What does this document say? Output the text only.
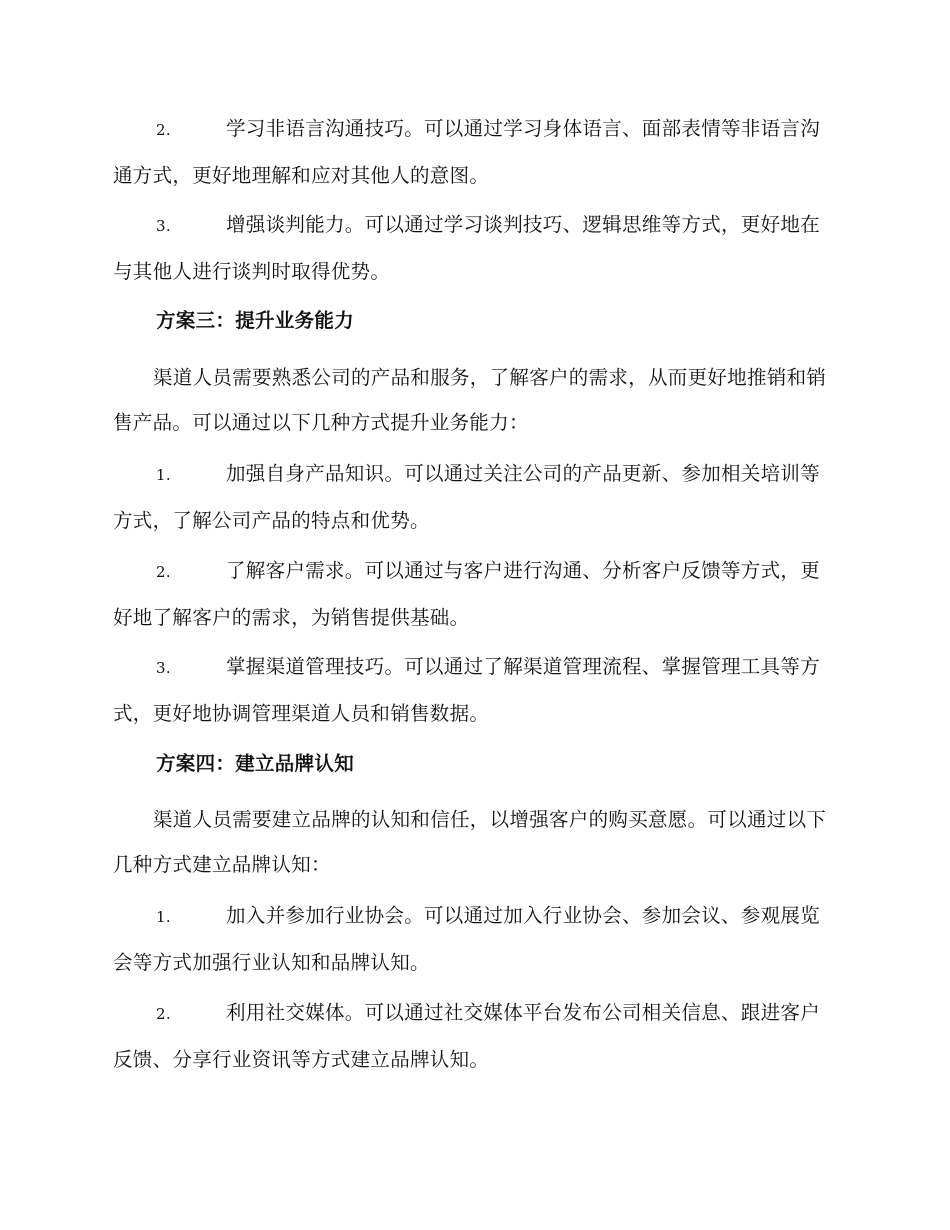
2.	学习非语言沟通技巧。可以通过学习身体语言、面部表情等非语言沟通方式，更好地理解和应对其他人的意图。
3.	增强谈判能力。可以通过学习谈判技巧、逻辑思维等方式，更好地在与其他人进行谈判时取得优势。
方案三：提升业务能力
渠道人员需要熟悉公司的产品和服务，了解客户的需求，从而更好地推销和销售产品。可以通过以下几种方式提升业务能力：
1.	加强自身产品知识。可以通过关注公司的产品更新、参加相关培训等方式，了解公司产品的特点和优势。
2.	了解客户需求。可以通过与客户进行沟通、分析客户反馈等方式，更好地了解客户的需求，为销售提供基础。
3.	掌握渠道管理技巧。可以通过了解渠道管理流程、掌握管理工具等方式，更好地协调管理渠道人员和销售数据。
方案四：建立品牌认知
渠道人员需要建立品牌的认知和信任，以增强客户的购买意愿。可以通过以下几种方式建立品牌认知：
1.	加入并参加行业协会。可以通过加入行业协会、参加会议、参观展览会等方式加强行业认知和品牌认知。
2.	利用社交媒体。可以通过社交媒体平台发布公司相关信息、跟进客户反馈、分享行业资讯等方式建立品牌认知。
